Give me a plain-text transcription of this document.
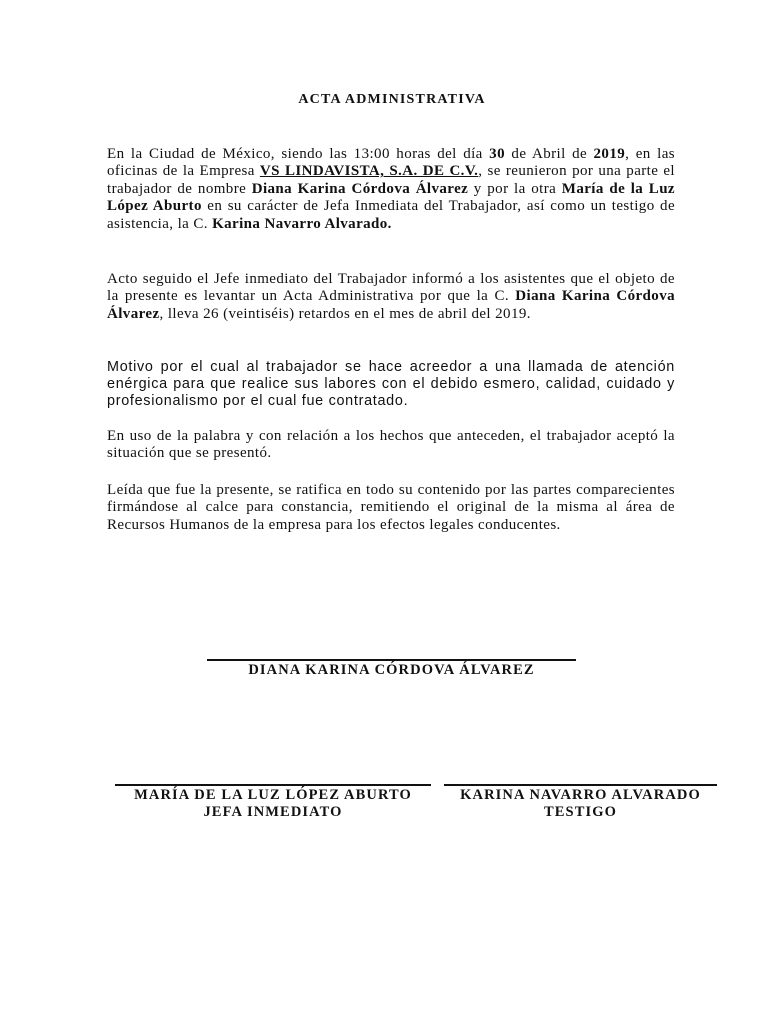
ACTA ADMINISTRATIVA

En la Ciudad de México, siendo las 13:00 horas del día 30 de Abril de 2019, en las oficinas de la Empresa VS LINDAVISTA, S.A. DE C.V., se reunieron por una parte el trabajador de nombre Diana Karina Córdova Álvarez y por la otra María de la Luz López Aburto en su carácter de Jefa Inmediata del Trabajador, así como un testigo de asistencia, la C. Karina Navarro Alvarado.

Acto seguido el Jefe inmediato del Trabajador informó a los asistentes que el objeto de la presente es levantar un Acta Administrativa por que la C. Diana Karina Córdova Álvarez, lleva 26 (veintiséis) retardos en el mes de abril del 2019.

Motivo por el cual al trabajador se hace acreedor a una llamada de atención enérgica para que realice sus labores con el debido esmero, calidad, cuidado y profesionalismo por el cual fue contratado.

En uso de la palabra y con relación a los hechos que anteceden, el trabajador aceptó la situación que se presentó.

Leída que fue la presente, se ratifica en todo su contenido por las partes comparecientes firmándose al calce para constancia, remitiendo el original de la misma al área de Recursos Humanos de la empresa para los efectos legales conducentes.

DIANA KARINA CÓRDOVA ÁLVAREZ
MARÍA DE LA LUZ LÓPEZ ABURTO
JEFA INMEDIATO
KARINA NAVARRO ALVARADO
TESTIGO
